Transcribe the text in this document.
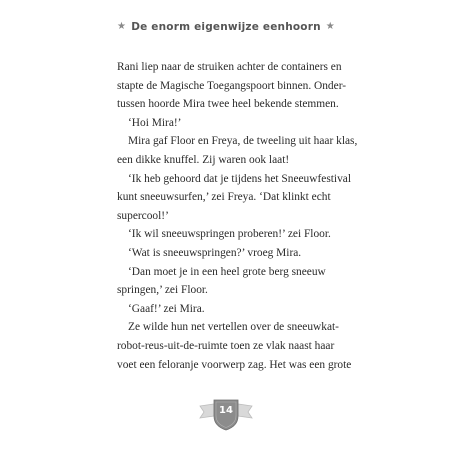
★ De enorm eigenwijze eenhoorn ★
Rani liep naar de struiken achter de containers en
stapte de Magische Toegangspoort binnen. Onder-
tussen hoorde Mira twee heel bekende stemmen.
‘Hoi Mira!’
Mira gaf Floor en Freya, de tweeling uit haar klas,
een dikke knuffel. Zij waren ook laat!
‘Ik heb gehoord dat je tijdens het Sneeuwfestival
kunt sneeuwsurfen,’ zei Freya. ‘Dat klinkt echt
supercool!’
‘Ik wil sneeuwspringen proberen!’ zei Floor.
‘Wat is sneeuwspringen?’ vroeg Mira.
‘Dan moet je in een heel grote berg sneeuw
springen,’ zei Floor.
‘Gaaf!’ zei Mira.
Ze wilde hun net vertellen over de sneeuwkat-
robot-reus-uit-de-ruimte toen ze vlak naast haar
voet een feloranje voorwerp zag. Het was een grote
14
